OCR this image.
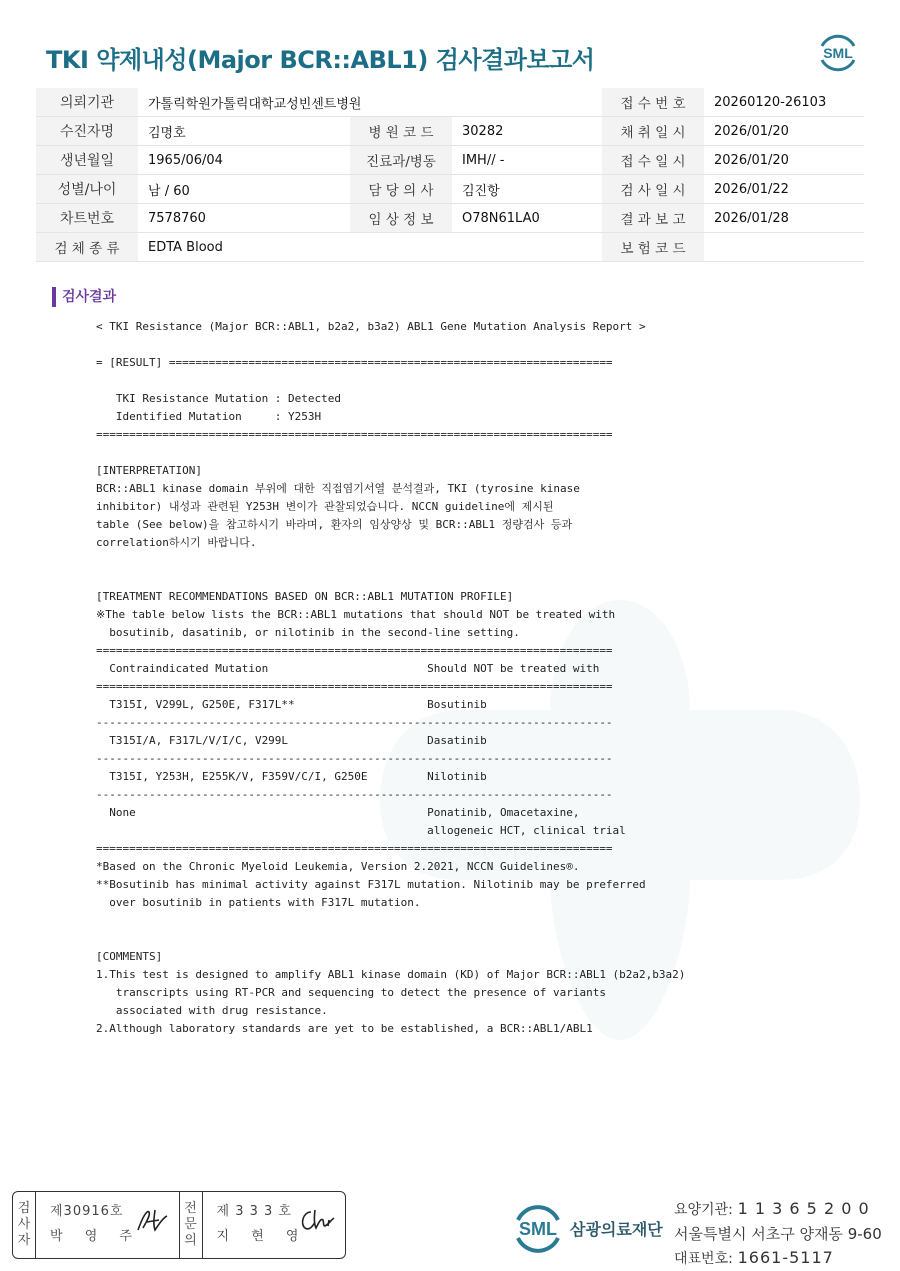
TKI 약제내성(Major BCR::ABL1) 검사결과보고서	SML
의뢰기관	가톨릭학원가톨릭대학교성빈센트병원			접 수 번 호	20260120-26103
수진자명	김명호	병 원 코 드	30282	채 취 일 시	2026/01/20
생년월일	1965/06/04	진료과/병동	IMH// -	접 수 일 시	2026/01/20
성별/나이	남 / 60	담 당 의 사	김진항	검 사 일 시	2026/01/22
차트번호	7578760	임 상 정 보	O78N61LA0	결 과 보 고	2026/01/28
검 체 종 류	EDTA Blood			보 험 코 드	
검사결과
< TKI Resistance (Major BCR::ABL1, b2a2, b3a2) ABL1 Gene Mutation Analysis Report >
= [RESULT] ===================================================================
TKI Resistance Mutation : Detected
Identified Mutation     : Y253H
==============================================================================
[INTERPRETATION]
BCR::ABL1 kinase domain 부위에 대한 직접염기서열 분석결과, TKI (tyrosine kinase
inhibitor) 내성과 관련된 Y253H 변이가 관찰되었습니다. NCCN guideline에 제시된
table (See below)을 참고하시기 바라며, 환자의 임상양상 및 BCR::ABL1 정량검사 등과
correlation하시기 바랍니다.
[TREATMENT RECOMMENDATIONS BASED ON BCR::ABL1 MUTATION PROFILE]
※The table below lists the BCR::ABL1 mutations that should NOT be treated with
bosutinib, dasatinib, or nilotinib in the second-line setting.
==============================================================================
Contraindicated Mutation                        Should NOT be treated with
==============================================================================
T315I, V299L, G250E, F317L**                    Bosutinib
------------------------------------------------------------------------------
T315I/A, F317L/V/I/C, V299L                     Dasatinib
------------------------------------------------------------------------------
T315I, Y253H, E255K/V, F359V/C/I, G250E         Nilotinib
------------------------------------------------------------------------------
None                                            Ponatinib, Omacetaxine,
allogeneic HCT, clinical trial
==============================================================================
*Based on the Chronic Myeloid Leukemia, Version 2.2021, NCCN Guidelines®.
**Bosutinib has minimal activity against F317L mutation. Nilotinib may be preferred
over bosutinib in patients with F317L mutation.
[COMMENTS]
1.This test is designed to amplify ABL1 kinase domain (KD) of Major BCR::ABL1 (b2a2,b3a2)
transcripts using RT-PCR and sequencing to detect the presence of variants
associated with drug resistance.
2.Although laboratory standards are yet to be established, a BCR::ABL1/ABL1
검
사
자
제30916호
박 영 주
전
문
의
제 3 3 3 호
지 현 영	SML 삼광의료재단
요양기관: 1 1 3 6 5 2 0 0
서울특별시 서초구 양재동 9-60
대표번호: 1661-5117
